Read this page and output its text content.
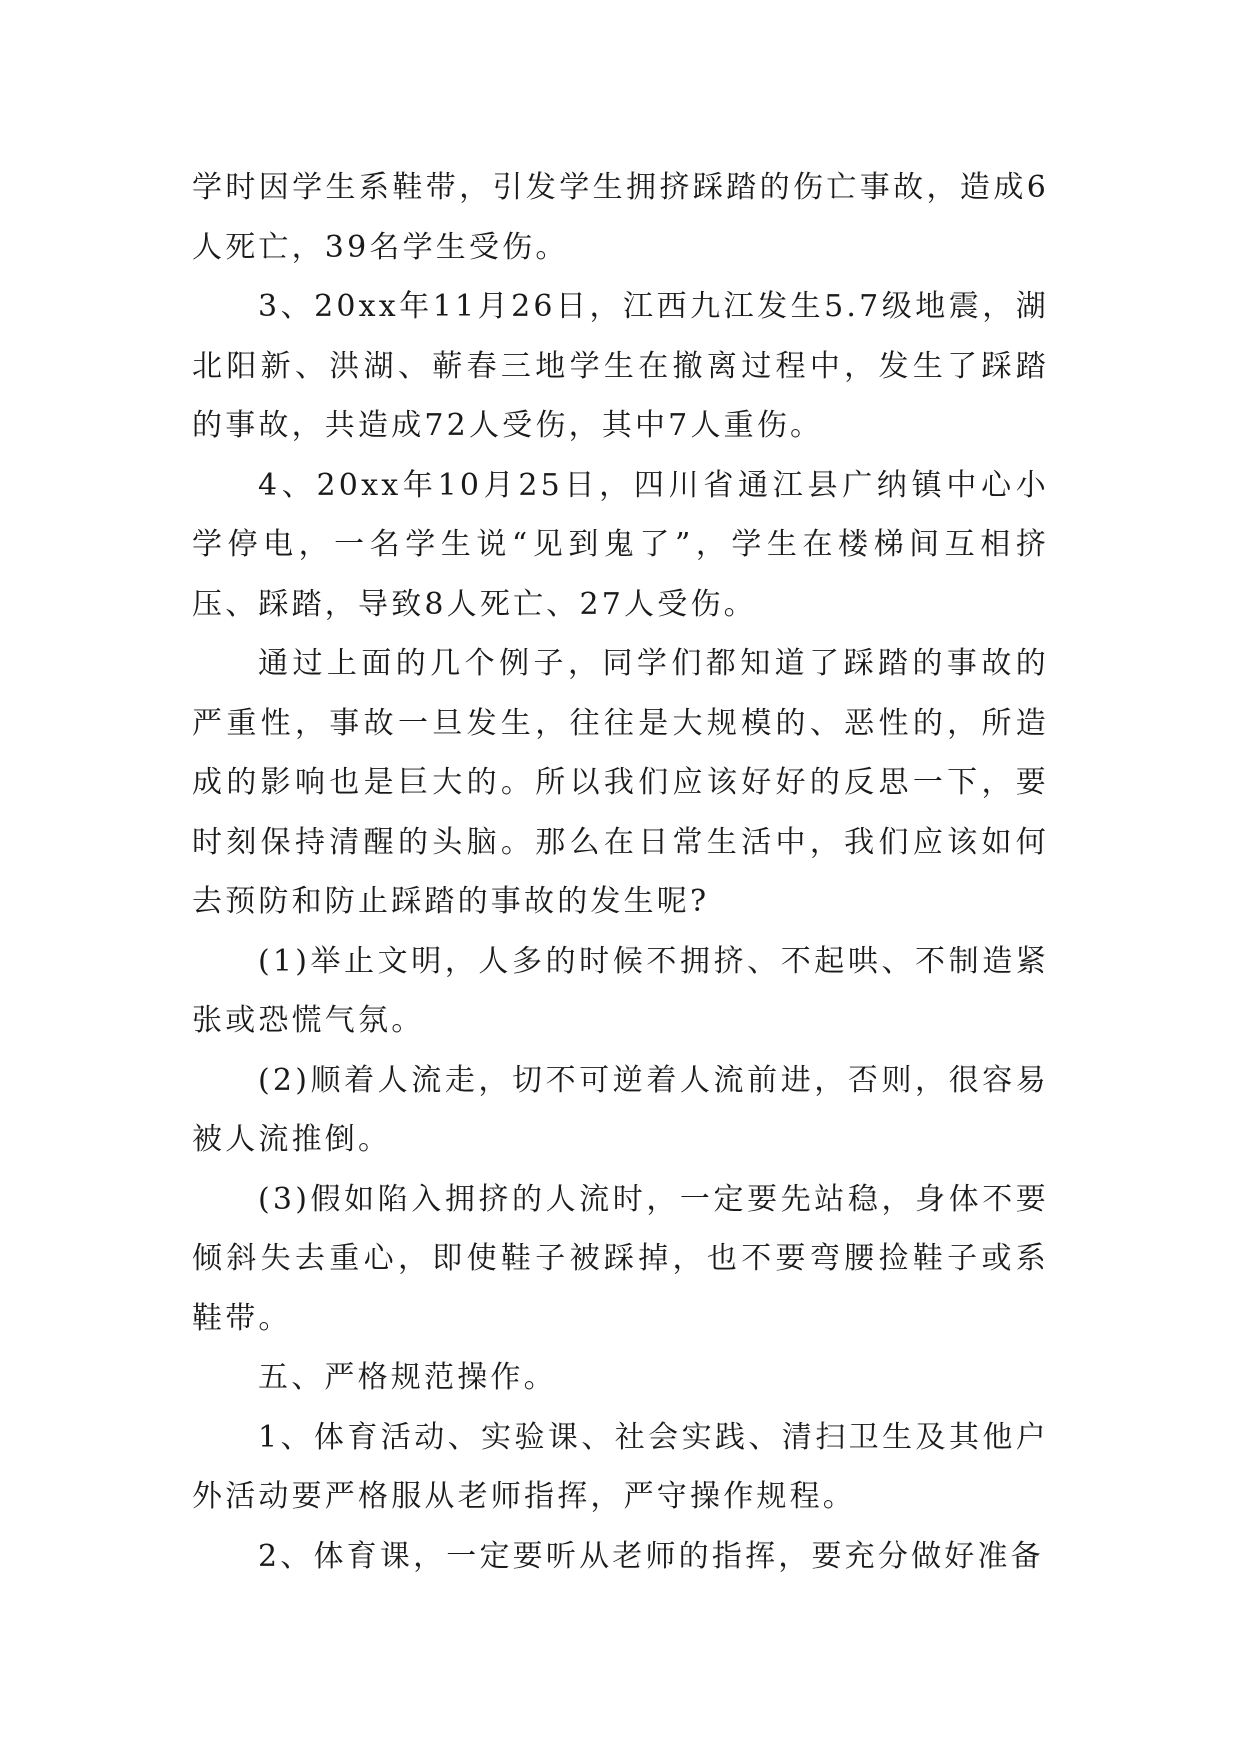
学时因学生系鞋带，引发学生拥挤踩踏的伤亡事故，造成6人死亡，39名学生受伤。

3、20xx年11月26日，江西九江发生5.7级地震，湖北阳新、洪湖、蕲春三地学生在撤离过程中，发生了踩踏的事故，共造成72人受伤，其中7人重伤。

4、20xx年10月25日，四川省通江县广纳镇中心小学停电，一名学生说“见到鬼了”，学生在楼梯间互相挤压、踩踏，导致8人死亡、27人受伤。

通过上面的几个例子，同学们都知道了踩踏的事故的严重性，事故一旦发生，往往是大规模的、恶性的，所造成的影响也是巨大的。所以我们应该好好的反思一下，要时刻保持清醒的头脑。那么在日常生活中，我们应该如何去预防和防止踩踏的事故的发生呢?

(1)举止文明，人多的时候不拥挤、不起哄、不制造紧张或恐慌气氛。

(2)顺着人流走，切不可逆着人流前进，否则，很容易被人流推倒。

(3)假如陷入拥挤的人流时，一定要先站稳，身体不要倾斜失去重心，即使鞋子被踩掉，也不要弯腰捡鞋子或系鞋带。

五、严格规范操作。

1、体育活动、实验课、社会实践、清扫卫生及其他户外活动要严格服从老师指挥，严守操作规程。

2、体育课，一定要听从老师的指挥，要充分做好准备
